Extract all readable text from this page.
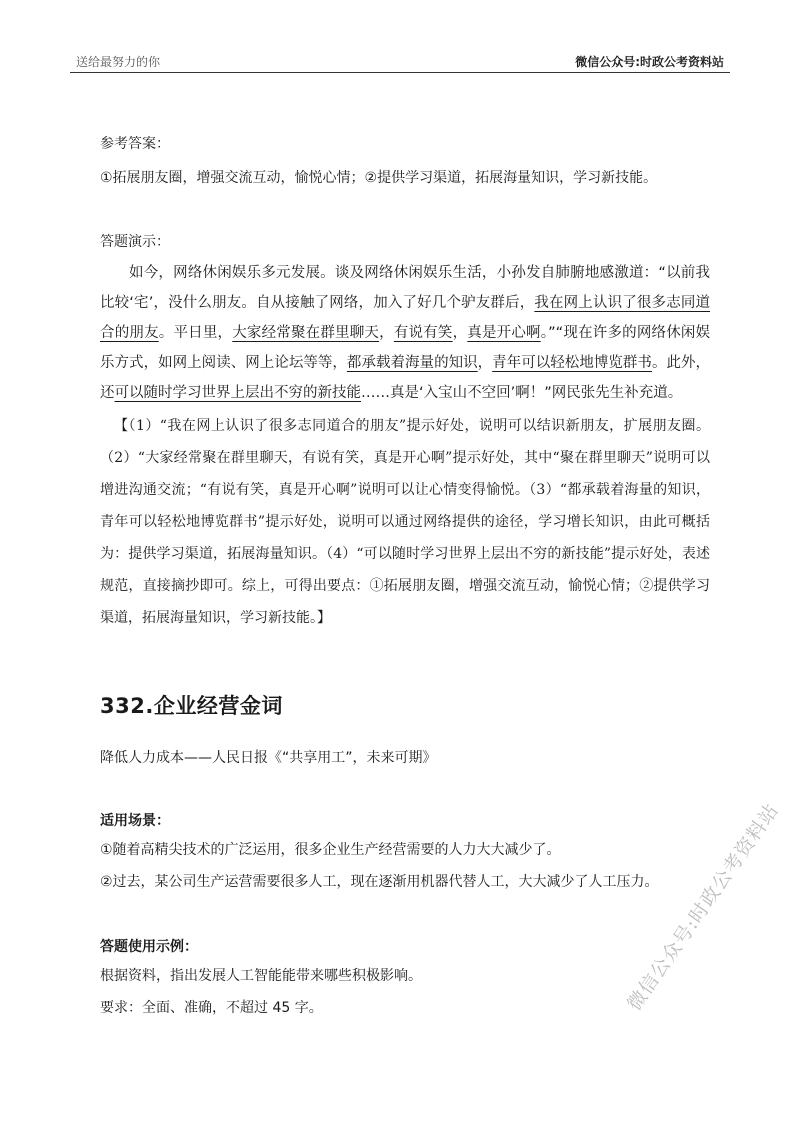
送给最努力的你	微信公众号:时政公考资料站

参考答案：

①拓展朋友圈，增强交流互动，愉悦心情；②提供学习渠道，拓展海量知识，学习新技能。

答题演示：

如今，网络休闲娱乐多元发展。谈及网络休闲娱乐生活，小孙发自肺腑地感激道：“以前我比较‘宅’，没什么朋友。自从接触了网络，加入了好几个驴友群后，我在网上认识了很多志同道合的朋友。平日里，大家经常聚在群里聊天，有说有笑，真是开心啊。”“现在许多的网络休闲娱乐方式，如网上阅读、网上论坛等等，都承载着海量的知识，青年可以轻松地博览群书。此外，还可以随时学习世界上层出不穷的新技能……真是‘入宝山不空回’啊！”网民张先生补充道。

【（1）“我在网上认识了很多志同道合的朋友”提示好处，说明可以结识新朋友，扩展朋友圈。（2）“大家经常聚在群里聊天，有说有笑，真是开心啊”提示好处，其中“聚在群里聊天”说明可以增进沟通交流；“有说有笑，真是开心啊”说明可以让心情变得愉悦。（3）“都承载着海量的知识，青年可以轻松地博览群书”提示好处，说明可以通过网络提供的途径，学习增长知识，由此可概括为：提供学习渠道，拓展海量知识。（4）“可以随时学习世界上层出不穷的新技能”提示好处，表述规范，直接摘抄即可。综上，可得出要点：①拓展朋友圈，增强交流互动，愉悦心情；②提供学习渠道，拓展海量知识，学习新技能。】

332.企业经营金词

降低人力成本——人民日报《“共享用工”，未来可期》

适用场景：

①随着高精尖技术的广泛运用，很多企业生产经营需要的人力大大减少了。

②过去，某公司生产运营需要很多人工，现在逐渐用机器代替人工，大大减少了人工压力。

答题使用示例：

根据资料，指出发展人工智能能带来哪些积极影响。

要求：全面、准确，不超过 45 字。	微信公众号:时政公考资料站
